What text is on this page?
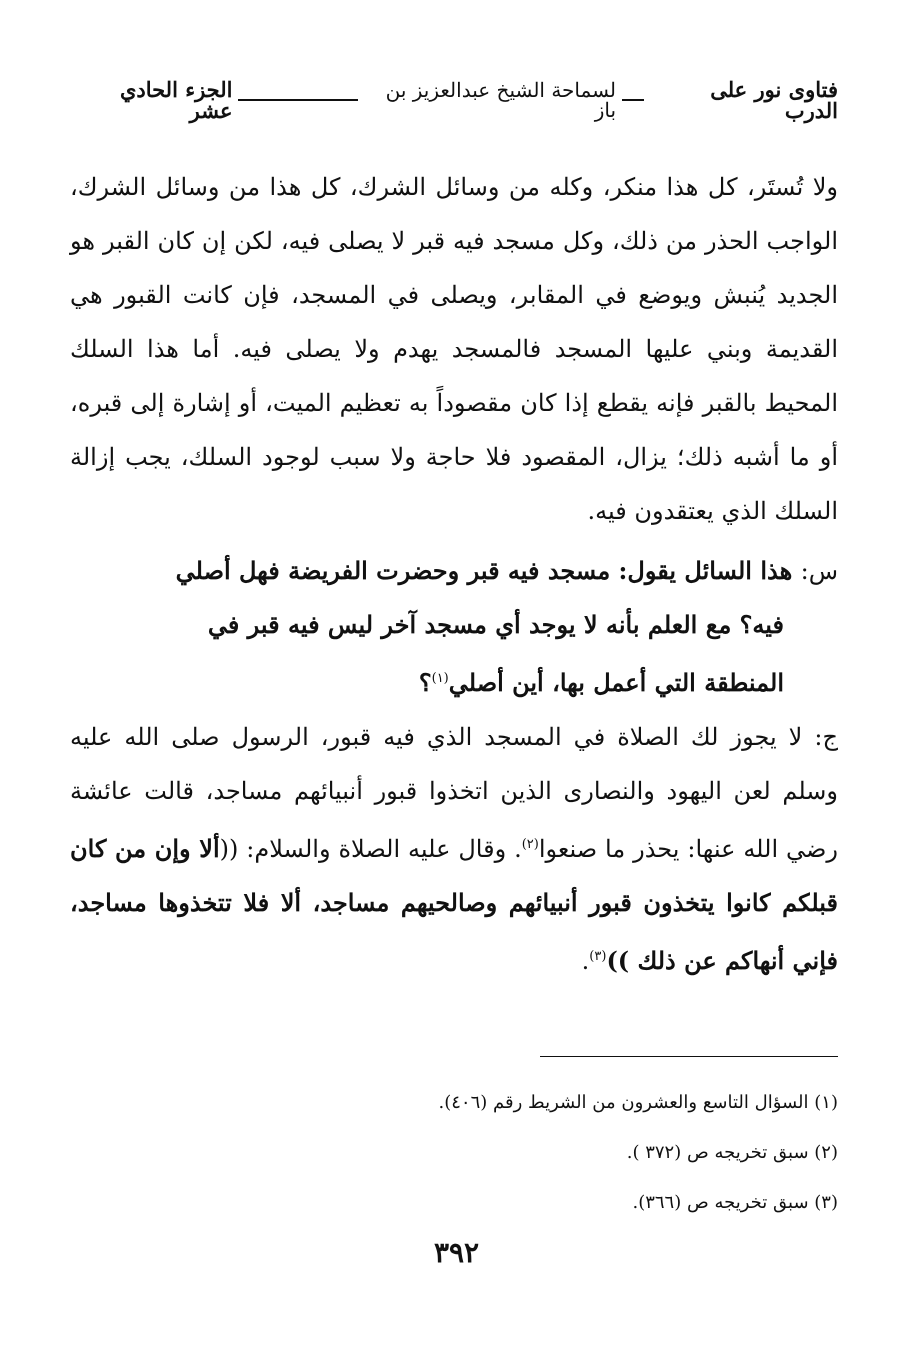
فتاوى نور على الدرب
لسماحة الشيخ عبدالعزيز بن باز
الجزء الحادي عشر

ولا تُستَر، كل هذا منكر، وكله من وسائل الشرك، كل هذا من وسائل الشرك، الواجب الحذر من ذلك، وكل مسجد فيه قبر لا يصلى فيه، لكن إن كان القبر هو الجديد يُنبش ويوضع في المقابر، ويصلى في المسجد، فإن كانت القبور هي القديمة وبني عليها المسجد فالمسجد يهدم ولا يصلى فيه. أما هذا السلك المحيط بالقبر فإنه يقطع إذا كان مقصوداً به تعظيم الميت، أو إشارة إلى قبره، أو ما أشبه ذلك؛ يزال، المقصود فلا حاجة ولا سبب لوجود السلك، يجب إزالة السلك الذي يعتقدون فيه.

س: هذا السائل يقول: مسجد فيه قبر وحضرت الفريضة فهل أصلي
فيه؟ مع العلم بأنه لا يوجد أي مسجد آخر ليس فيه قبر في
المنطقة التي أعمل بها، أين أصلي$^{(١)}$؟

ج: لا يجوز لك الصلاة في المسجد الذي فيه قبور، الرسول صلى الله عليه وسلم لعن اليهود والنصارى الذين اتخذوا قبور أنبيائهم مساجد، قالت عائشة رضي الله عنها: يحذر ما صنعوا$^{(٢)}$. وقال عليه الصلاة والسلام: ((ألا وإن من كان قبلكم كانوا يتخذون قبور أنبيائهم وصالحيهم مساجد، ألا فلا تتخذوها مساجد، فإني أنهاكم عن ذلك ))$^{(٣)}$.

(١) السؤال التاسع والعشرون من الشريط رقم (٤٠٦).
(٢) سبق تخريجه ص (٣٧٢ ).
(٣) سبق تخريجه ص (٣٦٦).
٣٩٢
